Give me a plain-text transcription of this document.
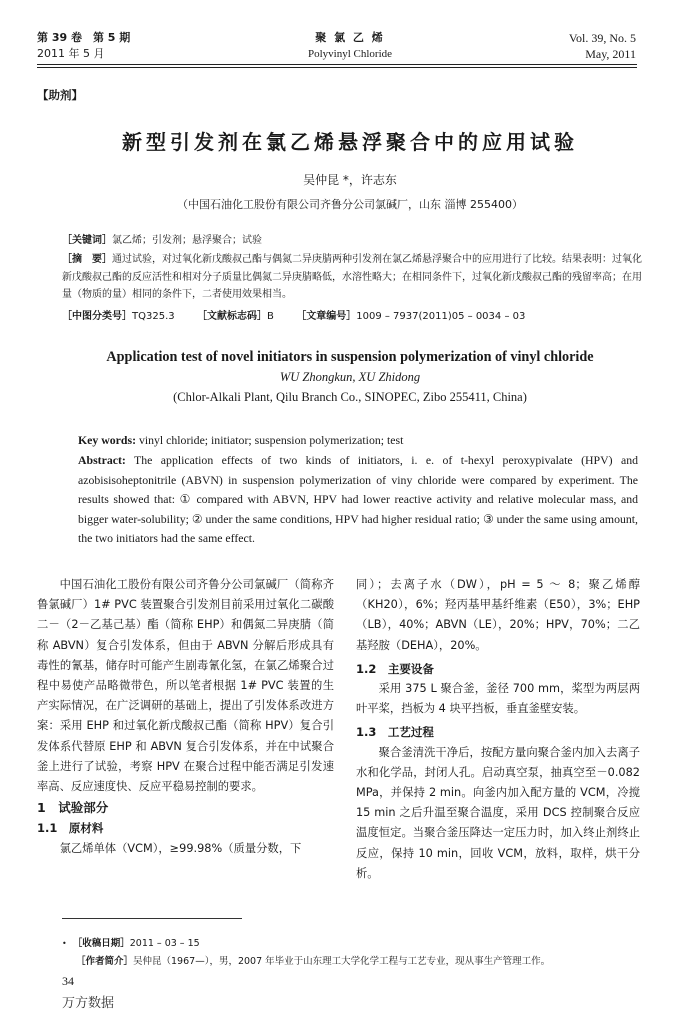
第 39 卷　第 5 期
2011 年 5 月
聚 氯 乙 烯
Polyvinyl Chloride
Vol. 39, No. 5
May, 2011
【助剂】
新型引发剂在氯乙烯悬浮聚合中的应用试验
吴仲昆 *，许志东
（中国石油化工股份有限公司齐鲁分公司氯碱厂，山东 淄博 255400）
［关键词］氯乙烯；引发剂；悬浮聚合；试验
［摘　要］通过试验，对过氧化新戊酸叔己酯与偶氮二异庚腈两种引发剂在氯乙烯悬浮聚合中的应用进行了比较。结果表明：过氧化新戊酸叔己酯的反应活性和相对分子质量比偶氮二异庚腈略低，水溶性略大；在相同条件下，过氧化新戊酸叔己酯的残留率高；在用量（物质的量）相同的条件下，二者使用效果相当。
［中图分类号］TQ325.3 ［文献标志码］B ［文章编号］1009 – 7937(2011)05 – 0034 – 03
Application test of novel initiators in suspension polymerization of vinyl chloride
WU Zhongkun, XU Zhidong
(Chlor-Alkali Plant, Qilu Branch Co., SINOPEC, Zibo 255411, China)
Key words: vinyl chloride; initiator; suspension polymerization; test
Abstract: The application effects of two kinds of initiators, i. e. of t-hexyl peroxypivalate (HPV) and azobisisoheptonitrile (ABVN) in suspension polymerization of viny chloride were compared by experiment. The results showed that: ① compared with ABVN, HPV had lower reactive activity and relative molecular mass, and bigger water-solubility; ② under the same conditions, HPV had higher residual ratio; ③ under the same using amount, the two initiators had the same effect.

中国石油化工股份有限公司齐鲁分公司氯碱厂（简称齐鲁氯碱厂）1# PVC 装置聚合引发剂目前采用过氧化二碳酸二－（2－乙基己基）酯（简称 EHP）和偶氮二异庚腈（简称 ABVN）复合引发体系，但由于 ABVN 分解后形成具有毒性的氰基，储存时可能产生剧毒氰化氢，在氯乙烯聚合过程中易使产品略微带色，所以笔者根据 1# PVC 装置的生产实际情况，在广泛调研的基础上，提出了引发体系改进方案：采用 EHP 和过氧化新戊酸叔己酯（简称 HPV）复合引发体系代替原 EHP 和 ABVN 复合引发体系，并在中试聚合釜上进行了试验，考察 HPV 在聚合过程中能否满足引发速率高、反应速度快、反应平稳易控制的要求。

1　试验部分
1.1　原材料

氯乙烯单体（VCM），≥99.98%（质量分数，下

同）；去离子水（DW），pH = 5 ～ 8；聚乙烯醇（KH20），6%；羟丙基甲基纤维素（E50），3%；EHP（LB），40%；ABVN（LE），20%；HPV，70%；二乙基羟胺（DEHA），20%。

1.2　主要设备

采用 375 L 聚合釜，釜径 700 mm，桨型为两层两叶平桨，挡板为 4 块平挡板，垂直釜壁安装。

1.3　工艺过程

聚合釜清洗干净后，按配方量向聚合釜内加入去离子水和化学品，封闭人孔。启动真空泵，抽真空至－0.082 MPa，并保持 2 min。向釜内加入配方量的 VCM，冷搅 15 min 之后升温至聚合温度，采用 DCS 控制聚合反应温度恒定。当聚合釜压降达一定压力时，加入终止剂终止反应，保持 10 min，回收 VCM，放料，取样，烘干分析。

• ［收稿日期］2011 – 03 – 15
［作者简介］吴仲昆（1967—），男，2007 年毕业于山东理工大学化学工程与工艺专业，现从事生产管理工作。
34
万方数据
